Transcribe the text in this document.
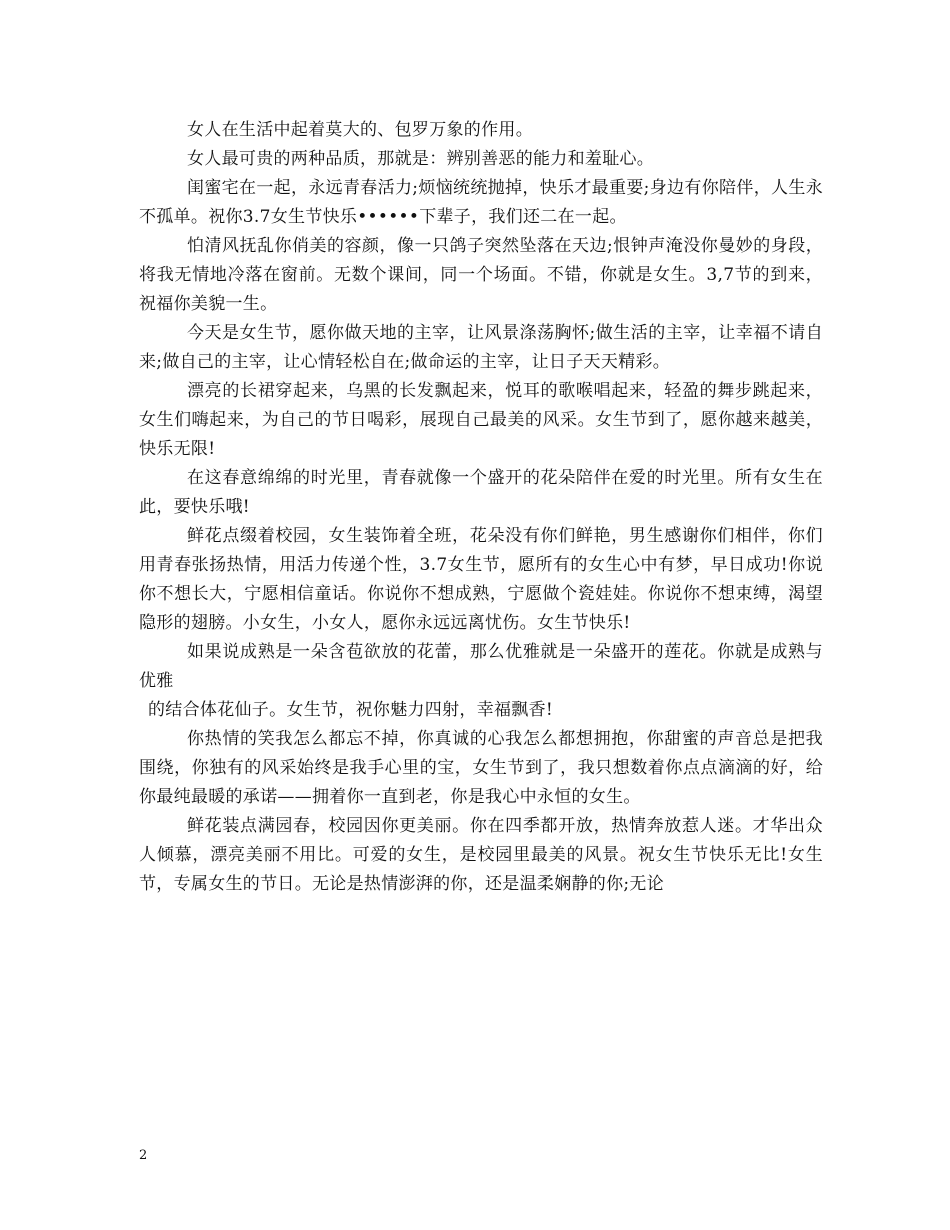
女人在生活中起着莫大的、包罗万象的作用。

女人最可贵的两种品质，那就是：辨别善恶的能力和羞耻心。

闺蜜宅在一起，永远青春活力;烦恼统统抛掉，快乐才最重要;身边有你陪伴，人生永不孤单。祝你3.7女生节快乐••••••下辈子，我们还二在一起。

怕清风抚乱你俏美的容颜，像一只鸽子突然坠落在天边;恨钟声淹没你曼妙的身段，将我无情地冷落在窗前。无数个课间，同一个场面。不错，你就是女生。3,7节的到来，祝福你美貌一生。

今天是女生节，愿你做天地的主宰，让风景涤荡胸怀;做生活的主宰，让幸福不请自来;做自己的主宰，让心情轻松自在;做命运的主宰，让日子天天精彩。

漂亮的长裙穿起来，乌黑的长发飘起来，悦耳的歌喉唱起来，轻盈的舞步跳起来，女生们嗨起来，为自己的节日喝彩，展现自己最美的风采。女生节到了，愿你越来越美，快乐无限!

在这春意绵绵的时光里，青春就像一个盛开的花朵陪伴在爱的时光里。所有女生在此，要快乐哦!

鲜花点缀着校园，女生装饰着全班，花朵没有你们鲜艳，男生感谢你们相伴，你们用青春张扬热情，用活力传递个性，3.7女生节，愿所有的女生心中有梦，早日成功!你说你不想长大，宁愿相信童话。你说你不想成熟，宁愿做个瓷娃娃。你说你不想束缚，渴望隐形的翅膀。小女生，小女人，愿你永远远离忧伤。女生节快乐!

如果说成熟是一朵含苞欲放的花蕾，那么优雅就是一朵盛开的莲花。你就是成熟与优雅

的结合体花仙子。女生节，祝你魅力四射，幸福飘香!

你热情的笑我怎么都忘不掉，你真诚的心我怎么都想拥抱，你甜蜜的声音总是把我围绕，你独有的风采始终是我手心里的宝，女生节到了，我只想数着你点点滴滴的好，给你最纯最暖的承诺——拥着你一直到老，你是我心中永恒的女生。

鲜花装点满园春，校园因你更美丽。你在四季都开放，热情奔放惹人迷。才华出众人倾慕，漂亮美丽不用比。可爱的女生，是校园里最美的风景。祝女生节快乐无比!女生节，专属女生的节日。无论是热情澎湃的你，还是温柔娴静的你;无论

2
